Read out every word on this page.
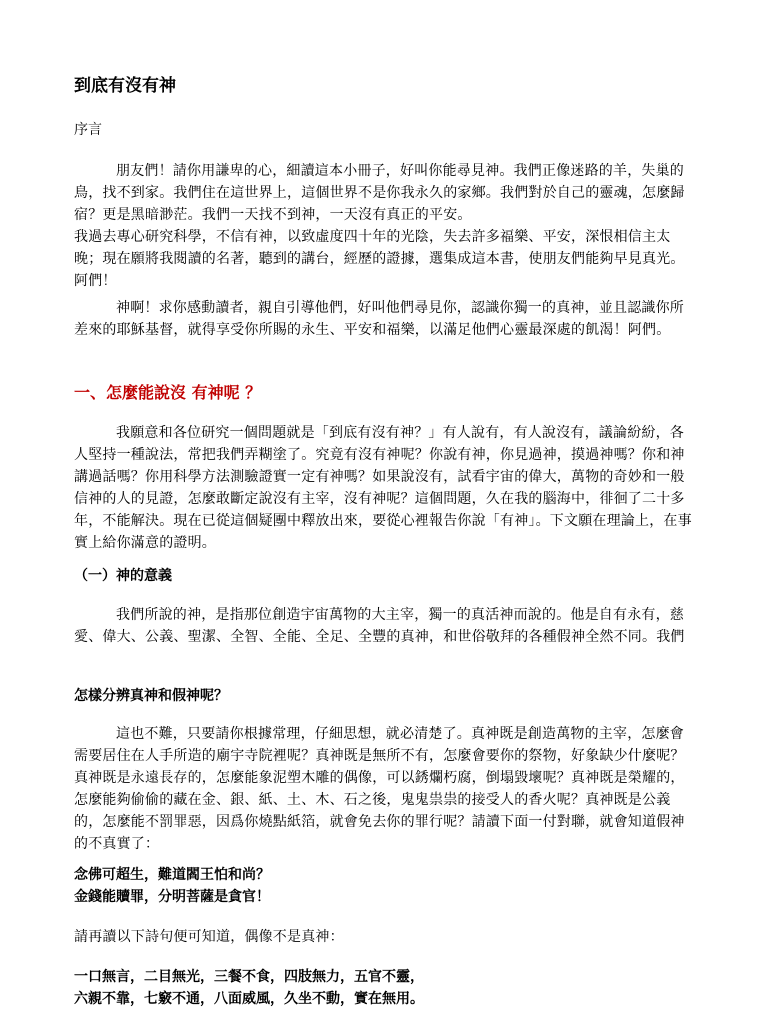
到底有沒有神

序言

朋友們！請你用謙卑的心，細讀這本小冊子，好叫你能尋見神。我們正像迷路的羊，失巢的鳥，找不到家。我們住在這世界上，這個世界不是你我永久的家鄉。我們對於自己的靈魂，怎麼歸宿？更是黑暗渺茫。我們一天找不到神，一天沒有真正的平安。

我過去專心研究科學，不信有神，以致虛度四十年的光陰，失去許多福樂、平安，深恨相信主太晚；現在願將我閱讀的名著，聽到的講台，經歷的證據，選集成這本書，使朋友們能夠早見真光。阿們！

神啊！求你感動讀者，親自引導他們，好叫他們尋見你，認識你獨一的真神，並且認識你所差來的耶穌基督，就得享受你所賜的永生、平安和福樂，以滿足他們心靈最深處的飢渴！阿們。

一、怎麼能說沒 有神呢 ？

我願意和各位研究一個問題就是「到底有沒有神？」有人說有，有人說沒有，議論紛紛，各人堅持一種說法，常把我們弄糊塗了。究竟有沒有神呢？你說有神，你見過神，摸過神嗎？你和神講過話嗎？你用科學方法測驗證實一定有神嗎？如果說沒有，試看宇宙的偉大，萬物的奇妙和一般信神的人的見證，怎麼敢斷定說沒有主宰，沒有神呢？這個問題，久在我的腦海中，徘徊了二十多年，不能解決。現在已從這個疑團中釋放出來，要從心裡報告你說「有神」。下文願在理論上，在事實上給你滿意的證明。

（一）神的意義

我們所說的神，是指那位創造宇宙萬物的大主宰，獨一的真活神而說的。他是自有永有，慈愛、偉大、公義、聖潔、全智、全能、全足、全豐的真神，和世俗敬拜的各種假神全然不同。我們

怎樣分辨真神和假神呢？

這也不難，只要請你根據常理，仔細思想，就必清楚了。真神既是創造萬物的主宰，怎麼會需要居住在人手所造的廟宇寺院裡呢？真神既是無所不有，怎麼會要你的祭物，好象缺少什麼呢？真神既是永遠長存的，怎麼能象泥塑木雕的偶像，可以銹爛朽腐，倒塌毀壞呢？真神既是榮耀的，怎麼能夠偷偷的藏在金、銀、紙、土、木、石之後，鬼鬼祟祟的接受人的香火呢？真神既是公義的，怎麼能不罰罪惡，因爲你燒點紙箔，就會免去你的罪行呢？請讀下面一付對聯，就會知道假神的不真實了：

念佛可超生，難道閻王怕和尚？
金錢能贖罪，分明菩薩是貪官！

請再讀以下詩句便可知道，偶像不是真神：

一口無言，二目無光，三餐不食，四肢無力，五官不靈，
六親不靠，七竅不通，八面威風，久坐不動，實在無用。
